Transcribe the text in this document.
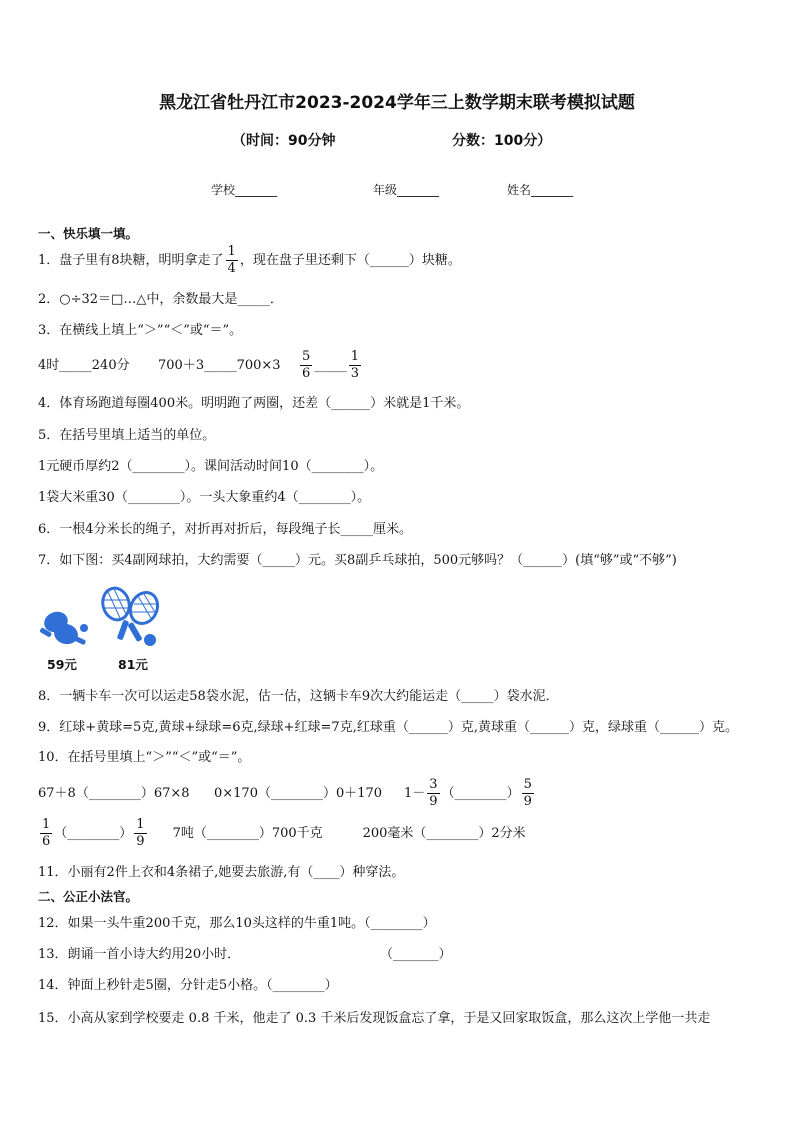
黑龙江省牡丹江市2023-2024学年三上数学期末联考模拟试题
（时间：90分钟	分数：100分）
学校_______	年级_______	姓名_______
一、快乐填一填。
1．盘子里有8块糖，明明拿走了 $\frac{1}{4}$ ，现在盘子里还剩下（______）块糖。
2．○÷32＝□…△中，余数最大是_____．
3．在横线上填上“＞”“＜”或“＝”。
4时_____240分 700＋3_____700×3 $\frac{5}{6}$ _____ $\frac{1}{3}$
4．体育场跑道每圈400米。明明跑了两圈，还差（______）米就是1千米。
5．在括号里填上适当的单位。
1元硬币厚约2（________）。课间活动时间10（________）。
1袋大米重30（________）。一头大象重约4（________）。
6．一根4分米长的绳子，对折再对折后，每段绳子长_____厘米。
7．如下图：买4副网球拍，大约需要（_____）元。买8副乒乓球拍，500元够吗？（______）(填“够”或“不够”)
59元	81元
8．一辆卡车一次可以运走58袋水泥，估一估，这辆卡车9次大约能运走（_____）袋水泥．
9．红球+黄球=5克,黄球+绿球=6克,绿球+红球=7克,红球重（______）克,黄球重（______）克，绿球重（______）克。
10．在括号里填上“＞”“＜”或“＝”。
67＋8（________）67×8 0×170（________）0＋170 $1- \frac{3}{9}$ （________） $\frac{5}{9}$
$\frac{1}{6}$ （________） $\frac{1}{9} 7$吨（________）700千克	200毫米（________）2分米
11．小丽有2件上衣和4条裙子,她要去旅游,有（____）种穿法。
二、公正小法官。
12．如果一头牛重200千克，那么10头这样的牛重1吨。（________）
13．朗诵一首小诗大约用20小时．	（_______）
14．钟面上秒针走5圈，分针走5小格。（________）
15．小高从家到学校要走 0.8 千米，他走了 0.3 千米后发现饭盒忘了拿，于是又回家取饭盒，那么这次上学他一共走
